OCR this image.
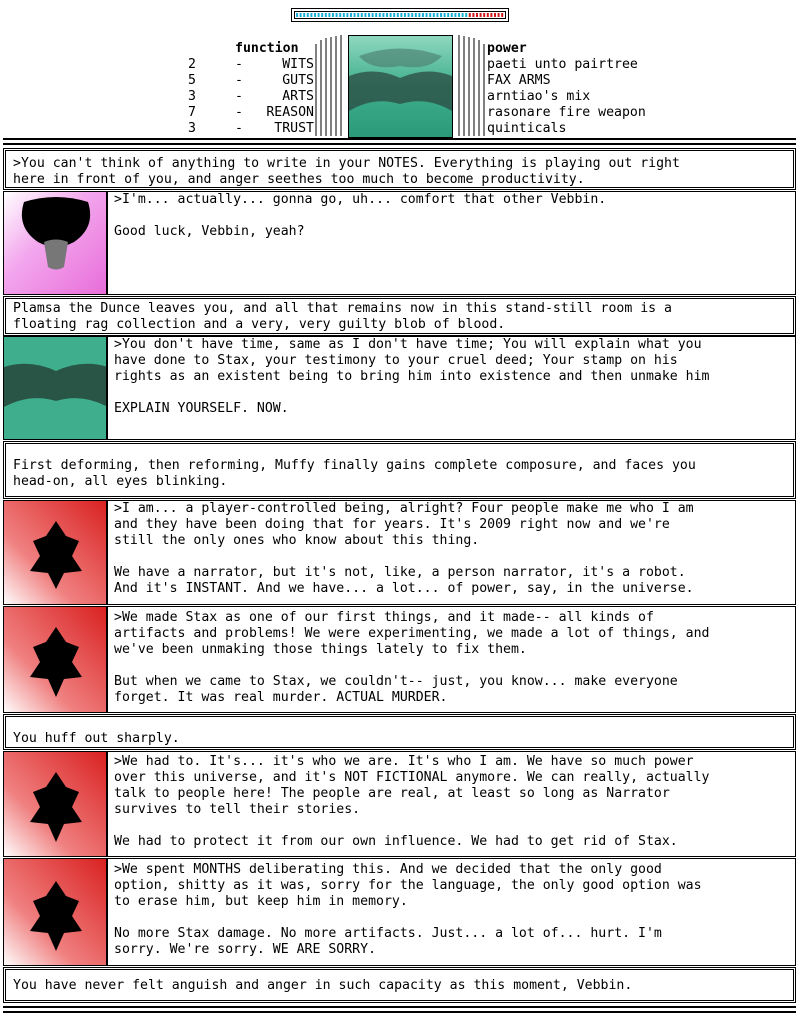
function	power
2	-	WITS	paeti unto pairtree
5	-	GUTS	FAX ARMS
3	-	ARTS	arntiao's mix
7	-	REASON	rasonare fire weapon
3	-	TRUST	quinticals
>You can't think of anything to write in your NOTES. Everything is playing out right
here in front of you, and anger seethes too much to become productivity.
>I'm... actually... gonna go, uh... comfort that other Vebbin.

Good luck, Vebbin, yeah?
Plamsa the Dunce leaves you, and all that remains now in this stand-still room is a
floating rag collection and a very, very guilty blob of blood.
>You don't have time, same as I don't have time; You will explain what you
have done to Stax, your testimony to your cruel deed; Your stamp on his
rights as an existent being to bring him into existence and then unmake him

EXPLAIN YOURSELF. NOW.
First deforming, then reforming, Muffy finally gains complete composure, and faces you
head-on, all eyes blinking.
>I am... a player-controlled being, alright? Four people make me who I am
and they have been doing that for years. It's 2009 right now and we're
still the only ones who know about this thing.

We have a narrator, but it's not, like, a person narrator, it's a robot.
And it's INSTANT. And we have... a lot... of power, say, in the universe.
>We made Stax as one of our first things, and it made-- all kinds of
artifacts and problems! We were experimenting, we made a lot of things, and
we've been unmaking those things lately to fix them.

But when we came to Stax, we couldn't-- just, you know... make everyone
forget. It was real murder. ACTUAL MURDER.
You huff out sharply.
>We had to. It's... it's who we are. It's who I am. We have so much power
over this universe, and it's NOT FICTIONAL anymore. We can really, actually
talk to people here! The people are real, at least so long as Narrator
survives to tell their stories.

We had to protect it from our own influence. We had to get rid of Stax.
>We spent MONTHS deliberating this. And we decided that the only good
option, shitty as it was, sorry for the language, the only good option was
to erase him, but keep him in memory.

No more Stax damage. No more artifacts. Just... a lot of... hurt. I'm
sorry. We're sorry. WE ARE SORRY.
You have never felt anguish and anger in such capacity as this moment, Vebbin.
